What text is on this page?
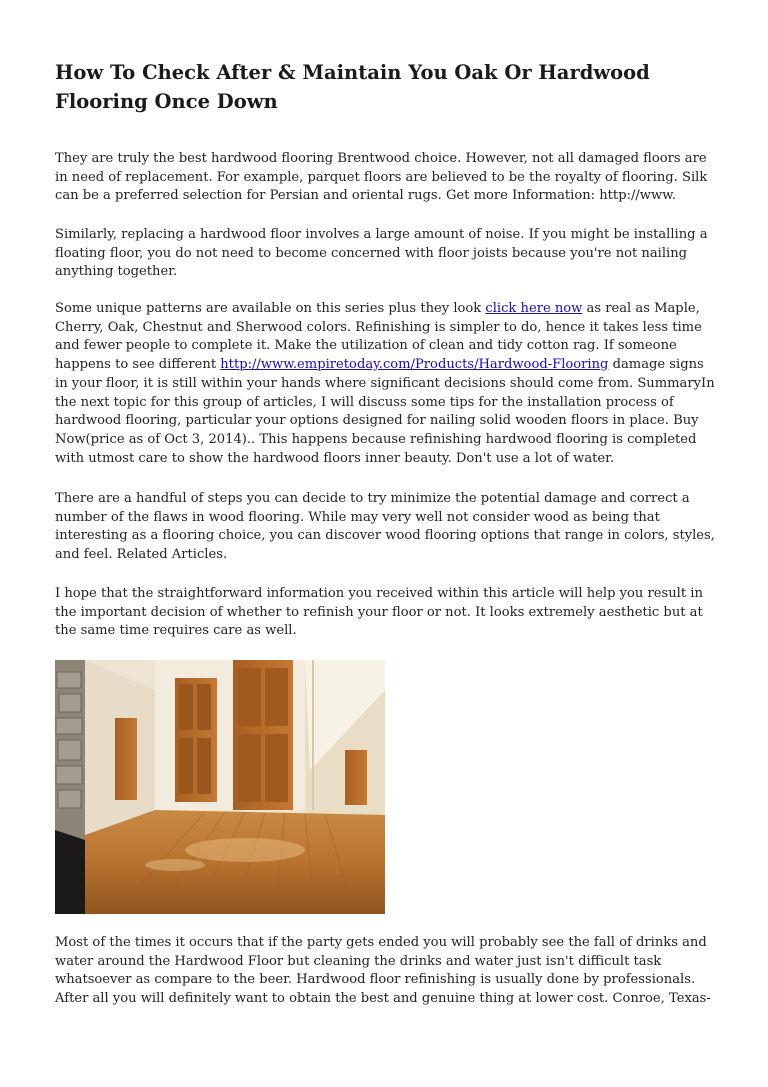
How To Check After & Maintain You Oak Or Hardwood Flooring Once Down

They are truly the best hardwood flooring Brentwood choice. However, not all damaged floors are in need of replacement. For example, parquet floors are believed to be the royalty of flooring. Silk can be a preferred selection for Persian and oriental rugs. Get more Information: http://www.

Similarly, replacing a hardwood floor involves a large amount of noise. If you might be installing a floating floor, you do not need to become concerned with floor joists because you're not nailing anything together.

Some unique patterns are available on this series plus they look click here now as real as Maple, Cherry, Oak, Chestnut and Sherwood colors. Refinishing is simpler to do, hence it takes less time and fewer people to complete it. Make the utilization of clean and tidy cotton rag. If someone happens to see different http://www.empiretoday.com/Products/Hardwood-Flooring damage signs in your floor, it is still within your hands where significant decisions should come from. SummaryIn the next topic for this group of articles, I will discuss some tips for the installation process of hardwood flooring, particular your options designed for nailing solid wooden floors in place. Buy Now(price as of Oct 3, 2014).. This happens because refinishing hardwood flooring is completed with utmost care to show the hardwood floors inner beauty. Don't use a lot of water.

There are a handful of steps you can decide to try minimize the potential damage and correct a number of the flaws in wood flooring. While may very well not consider wood as being that interesting as a flooring choice, you can discover wood flooring options that range in colors, styles, and feel. Related Articles.

I hope that the straightforward information you received within this article will help you result in the important decision of whether to refinish your floor or not. It looks extremely aesthetic but at the same time requires care as well.

Most of the times it occurs that if the party gets ended you will probably see the fall of drinks and water around the Hardwood Floor but cleaning the drinks and water just isn't difficult task whatsoever as compare to the beer. Hardwood floor refinishing is usually done by professionals. After all you will definitely want to obtain the best and genuine thing at lower cost. Conroe, Texas-
